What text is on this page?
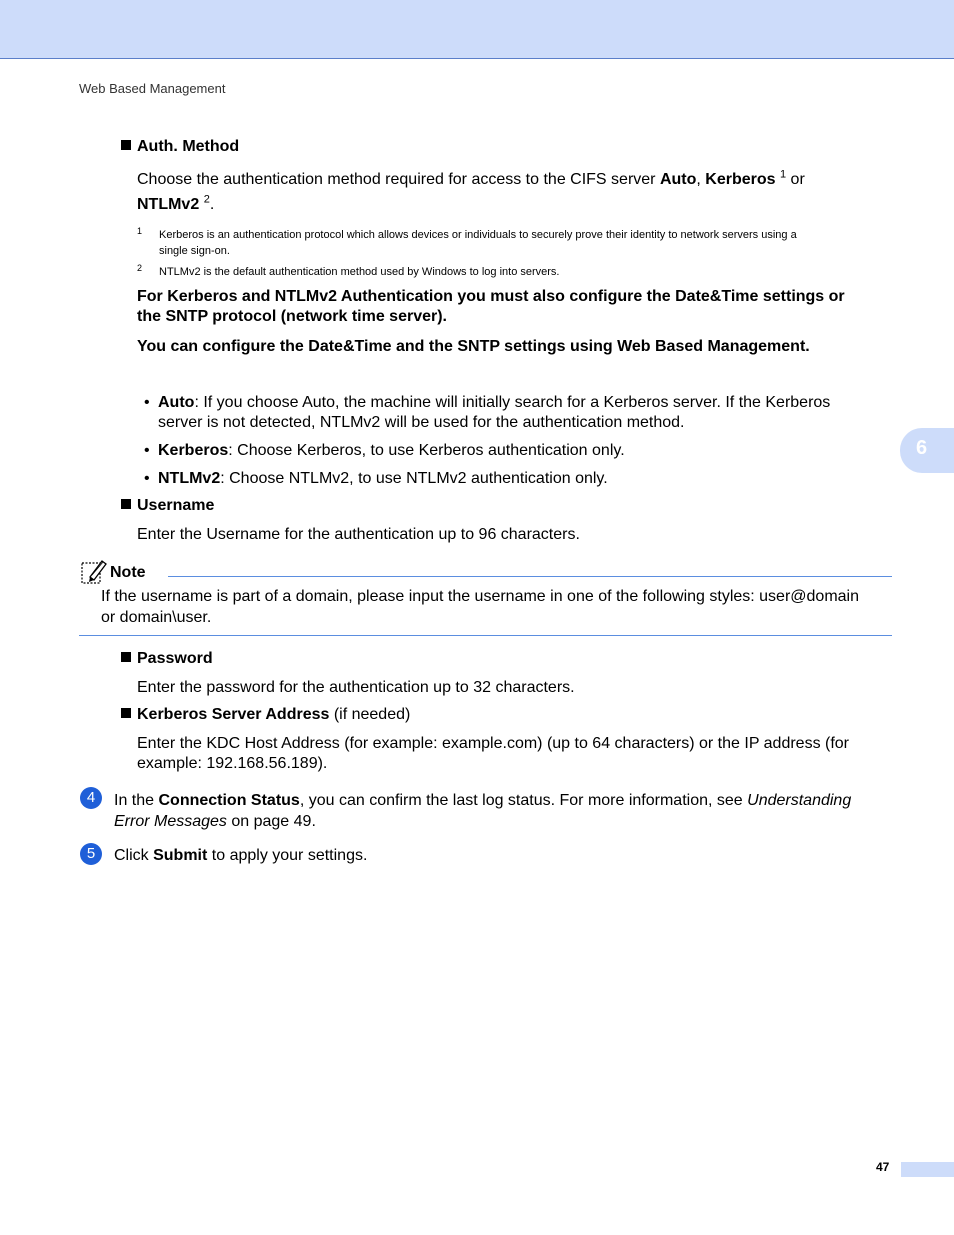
Web Based Management
6
Auth. Method
Choose the authentication method required for access to the CIFS server Auto, Kerberos $^1$ or
NTLMv2 $^2$.
1 Kerberos is an authentication protocol which allows devices or individuals to securely prove their identity to network servers using a
single sign-on.
2 NTLMv2 is the default authentication method used by Windows to log into servers.
For Kerberos and NTLMv2 Authentication you must also configure the Date&Time settings or
the SNTP protocol (network time server).
You can configure the Date&Time and the SNTP settings using Web Based Management.
• Auto: If you choose Auto, the machine will initially search for a Kerberos server. If the Kerberos
server is not detected, NTLMv2 will be used for the authentication method.
• Kerberos: Choose Kerberos, to use Kerberos authentication only.
• NTLMv2: Choose NTLMv2, to use NTLMv2 authentication only.
Username
Enter the Username for the authentication up to 96 characters.
Note
If the username is part of a domain, please input the username in one of the following styles: user@domain
or domain\user.
Password
Enter the password for the authentication up to 32 characters.
Kerberos Server Address (if needed)
Enter the KDC Host Address (for example: example.com) (up to 64 characters) or the IP address (for
example: 192.168.56.189).
4	In the Connection Status, you can confirm the last log status. For more information, see Understanding
Error Messages on page 49.
5	Click Submit to apply your settings.
47
